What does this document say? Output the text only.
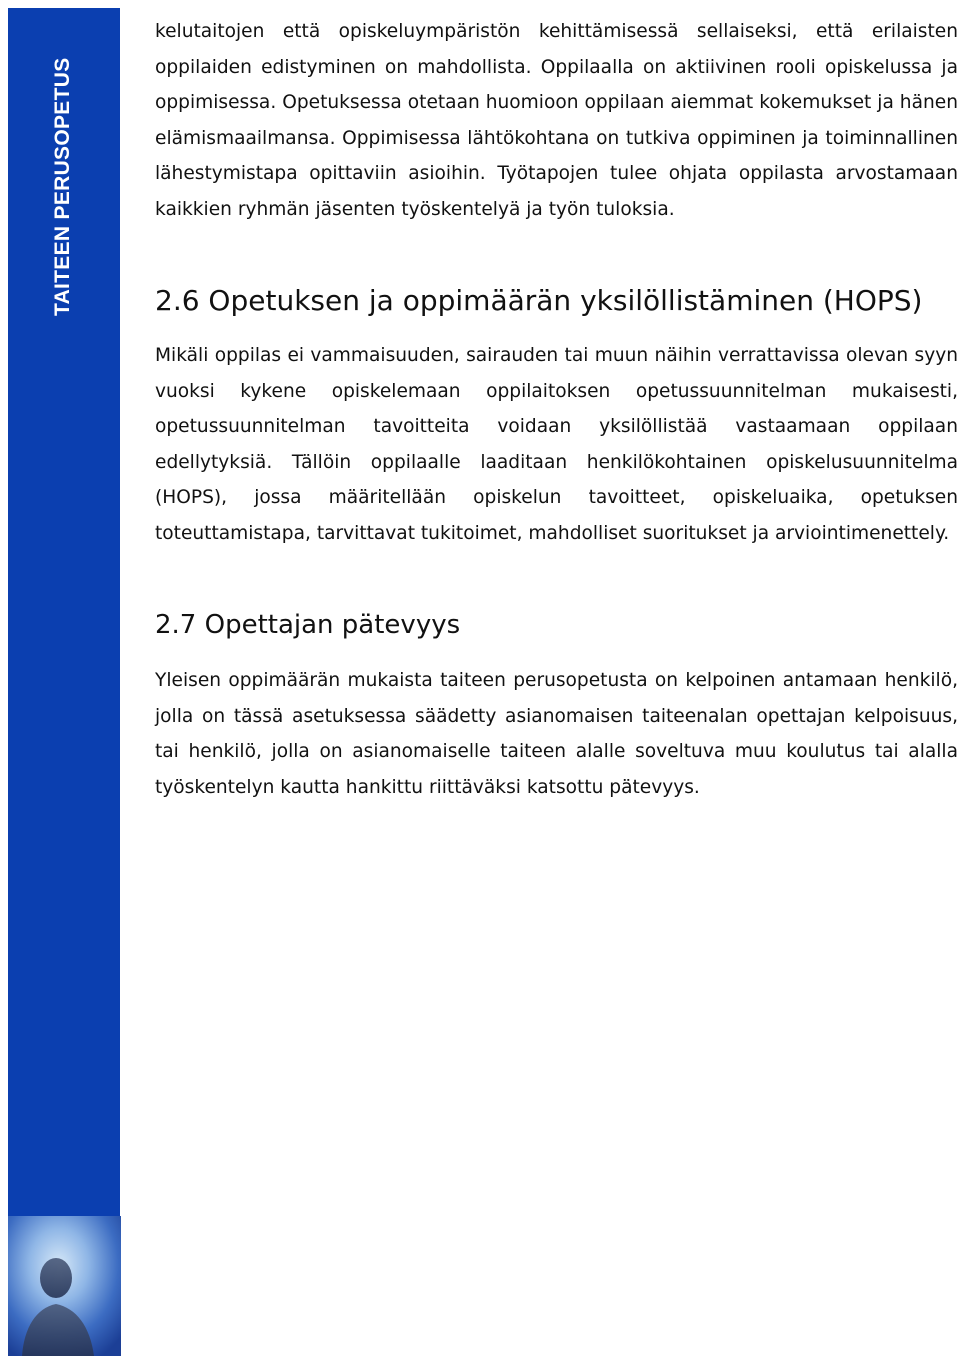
TAITEEN PERUSOPETUS

kelutaitojen että opiskeluympäristön kehittämisessä sellaiseksi, että erilaisten oppilaiden edistyminen on mahdollista. Oppilaalla on aktiivinen rooli opiskelussa ja oppimisessa. Opetuksessa otetaan huomioon oppilaan aiemmat kokemukset ja hänen elämismaailmansa. Oppimisessa lähtökohtana on tutkiva oppiminen ja toiminnallinen lähestymistapa opittaviin asioihin. Työtapojen tulee ohjata oppilasta arvostamaan kaikkien ryhmän jäsenten työskentelyä ja työn tuloksia.

2.6 Opetuksen ja oppimäärän yksilöllistäminen (HOPS)

Mikäli oppilas ei vammaisuuden, sairauden tai muun näihin verrattavissa olevan syyn vuoksi kykene opiskelemaan oppilaitoksen opetussuunnitelman mukaisesti, opetussuunnitelman tavoitteita voidaan yksilöllistää vastaamaan oppilaan edellytyksiä. Tällöin oppilaalle laaditaan henkilökohtainen opiskelusuunnitelma (HOPS), jossa määritellään opiskelun tavoitteet, opiskeluaika, opetuksen toteuttamistapa, tarvittavat tukitoimet, mahdolliset suoritukset ja arviointimenettely.

2.7 Opettajan pätevyys

Yleisen oppimäärän mukaista taiteen perusopetusta on kelpoinen antamaan henkilö, jolla on tässä asetuksessa säädetty asianomaisen taiteenalan opettajan kelpoisuus, tai henkilö, jolla on asianomaiselle taiteen alalle soveltuva muu koulutus tai alalla työskentelyn kautta hankittu riittäväksi katsottu pätevyys.
